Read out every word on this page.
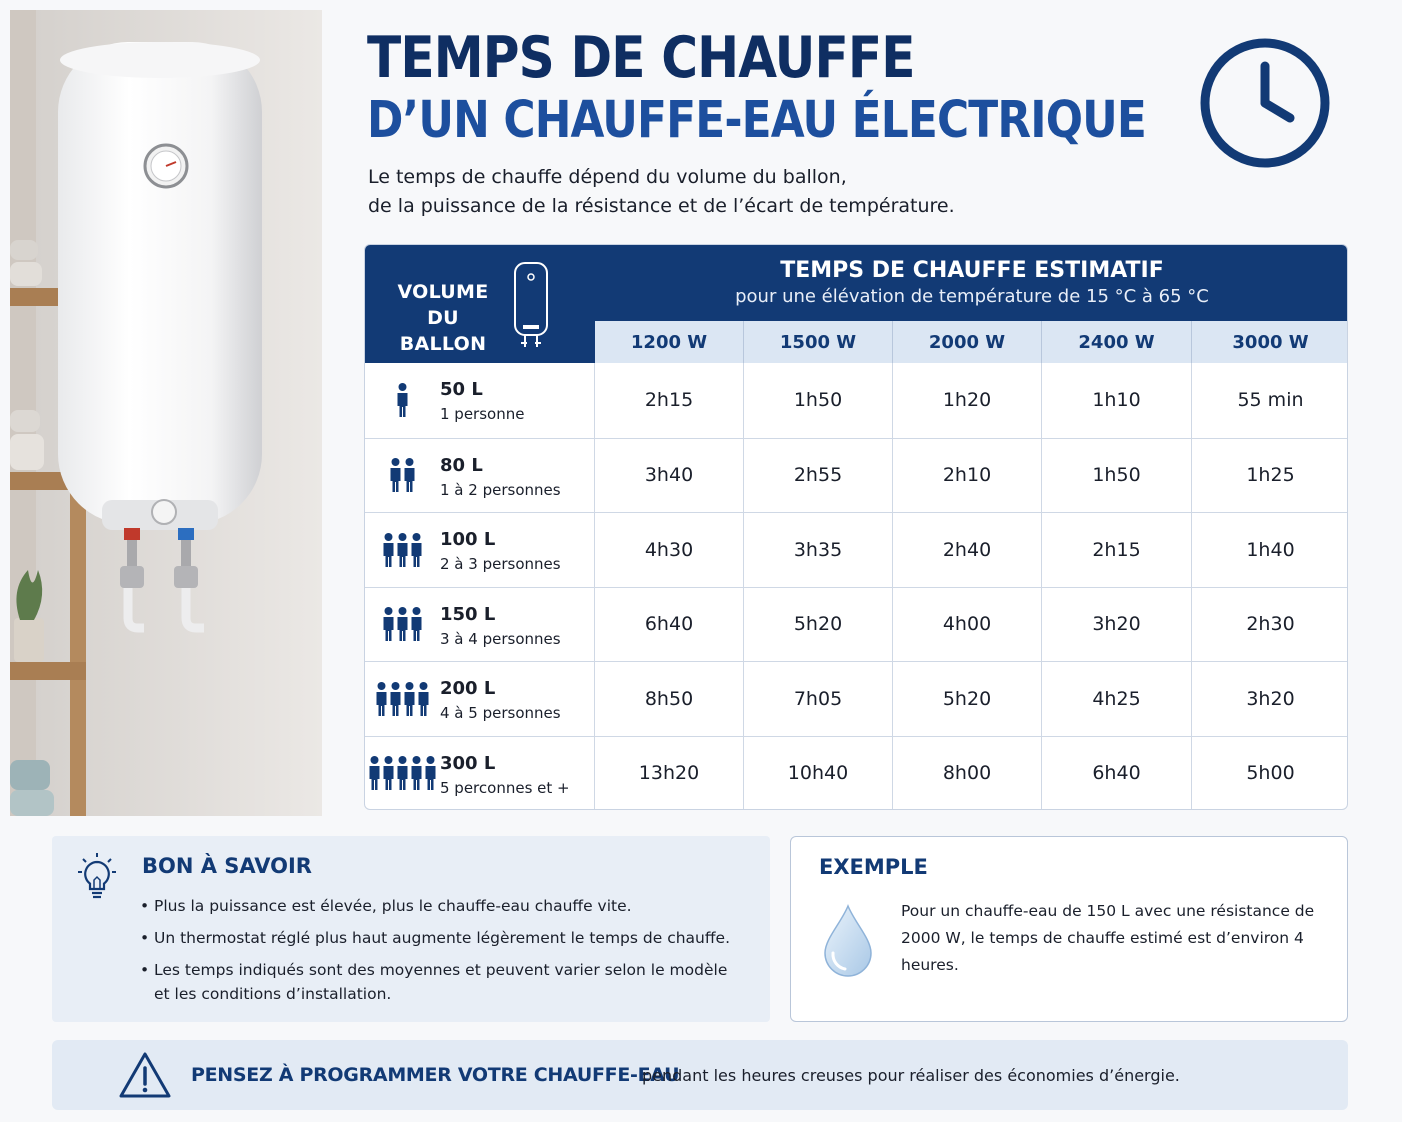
TEMPS DE CHAUFFE
D’UN CHAUFFE-EAU ÉLECTRIQUE
Le temps de chauffe dépend du volume du ballon,
de la puissance de la résistance et de l’écart de température.
VOLUME
DU BALLON
TEMPS DE CHAUFFE ESTIMATIF
pour une élévation de température de 15 °C à 65 °C
1200 W	1500 W	2000 W	2400 W	3000 W
50 L
1 personne
2h15	1h50	1h20	1h10	55 min
80 L
1 à 2 personnes
3h40	2h55	2h10	1h50	1h25
100 L
2 à 3 personnes
4h30	3h35	2h40	2h15	1h40
150 L
3 à 4 personnes
6h40	5h20	4h00	3h20	2h30
200 L
4 à 5 personnes
8h50	7h05	5h20	4h25	3h20
300 L
5 perconnes et +
13h20	10h40	8h00	6h40	5h00
BON À SAVOIR
• Plus la puissance est élevée, plus le chauffe-eau chauffe vite.
• Un thermostat réglé plus haut augmente légèrement le temps de chauffe.
• Les temps indiqués sont des moyennes et peuvent varier selon le modèle et les conditions d’installation.
EXEMPLE
Pour un chauffe-eau de 150 L avec une résistance de 2000 W, le temps de chauffe estimé est d’environ 4 heures.
PENSEZ À PROGRAMMER VOTRE CHAUFFE-EAU
pendant les heures creuses pour réaliser des économies d’énergie.
